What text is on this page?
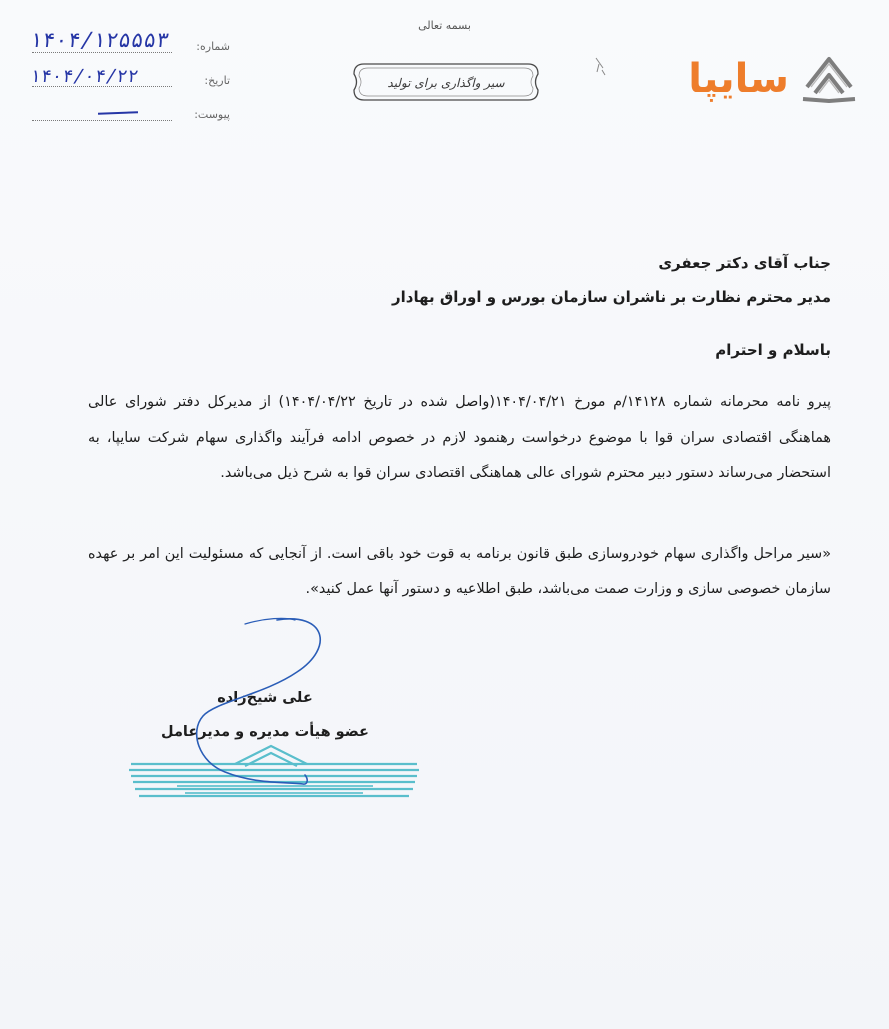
بسمه تعالی
شماره:
۱۴۰۴/۱۲۵۵۵۳
تاریخ:
۱۴۰۴/۰۴/۲۲
پیوست:
سیر واگذاری برای تولید	سایپا
جناب آقای دکتر جعفری
مدیر محترم نظارت بر ناشران سازمان بورس و اوراق بهادار
باسلام و احترام
پیرو نامه محرمانه شماره ۱۴۱۲۸/م مورخ ۱۴۰۴/۰۴/۲۱(واصل شده در تاریخ ۱۴۰۴/۰۴/۲۲) از مدیرکل دفتر شورای عالی هماهنگی اقتصادی سران قوا با موضوع درخواست رهنمود لازم در خصوص ادامه فرآیند واگذاری سهام شرکت سایپا، به استحضار می‌رساند دستور دبیر محترم شورای عالی هماهنگی اقتصادی سران قوا به شرح ذیل می‌باشد.
«سیر مراحل واگذاری سهام خودروسازی طبق قانون برنامه به قوت خود باقی است. از آنجایی که مسئولیت این امر بر عهده سازمان خصوصی سازی و وزارت صمت می‌باشد، طبق اطلاعیه و دستور آنها عمل کنید».
علی شیخ‌زاده
عضو هیأت مدیره و مدیرعامل
